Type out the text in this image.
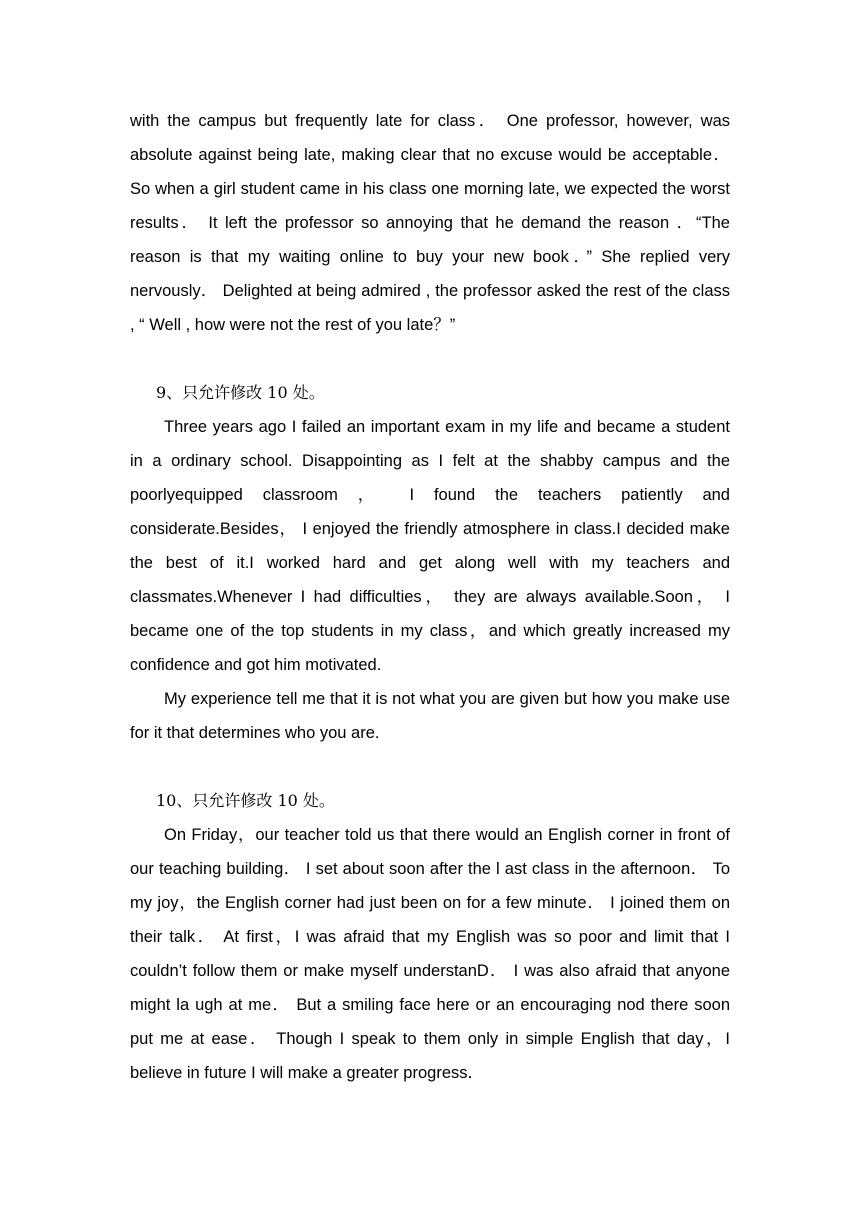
with the campus but frequently late for class． One professor, however, was absolute against being late, making clear that no excuse would be acceptable． So when a girl student came in his class one morning late, we expected the worst results． It left the professor so annoying that he demand the reason ．“The reason is that my waiting online to buy your new book．” She replied very nervously． Delighted at being admired , the professor asked the rest of the class , “ Well , how were not the rest of you late？”

9、只允许修改 10 处。

Three years ago I failed an important exam in my life and became a student in a ordinary school. Disappointing as I felt at the shabby campus and the poorlyequipped classroom ， I found the teachers patiently and considerate.Besides， I enjoyed the friendly atmosphere in class.I decided make the best of it.I worked hard and get along well with my teachers and classmates.Whenever I had difficulties， they are always available.Soon， I became one of the top students in my class，and which greatly increased my confidence and got him motivated.

My experience tell me that it is not what you are given but how you make use for it that determines who you are.

10、只允许修改 10 处。

On Friday，our teacher told us that there would an English corner in front of our teaching building． I set about soon after the l ast class in the afternoon． To my joy，the English corner had just been on for a few minute． I joined them on their talk． At first，I was afraid that my English was so poor and limit that I couldn’t follow them or make myself understanD． I was also afraid that anyone might la ugh at me． But a smiling face here or an encouraging nod there soon put me at ease． Though I speak to them only in simple English that day，I believe in future I will make a greater progress．
